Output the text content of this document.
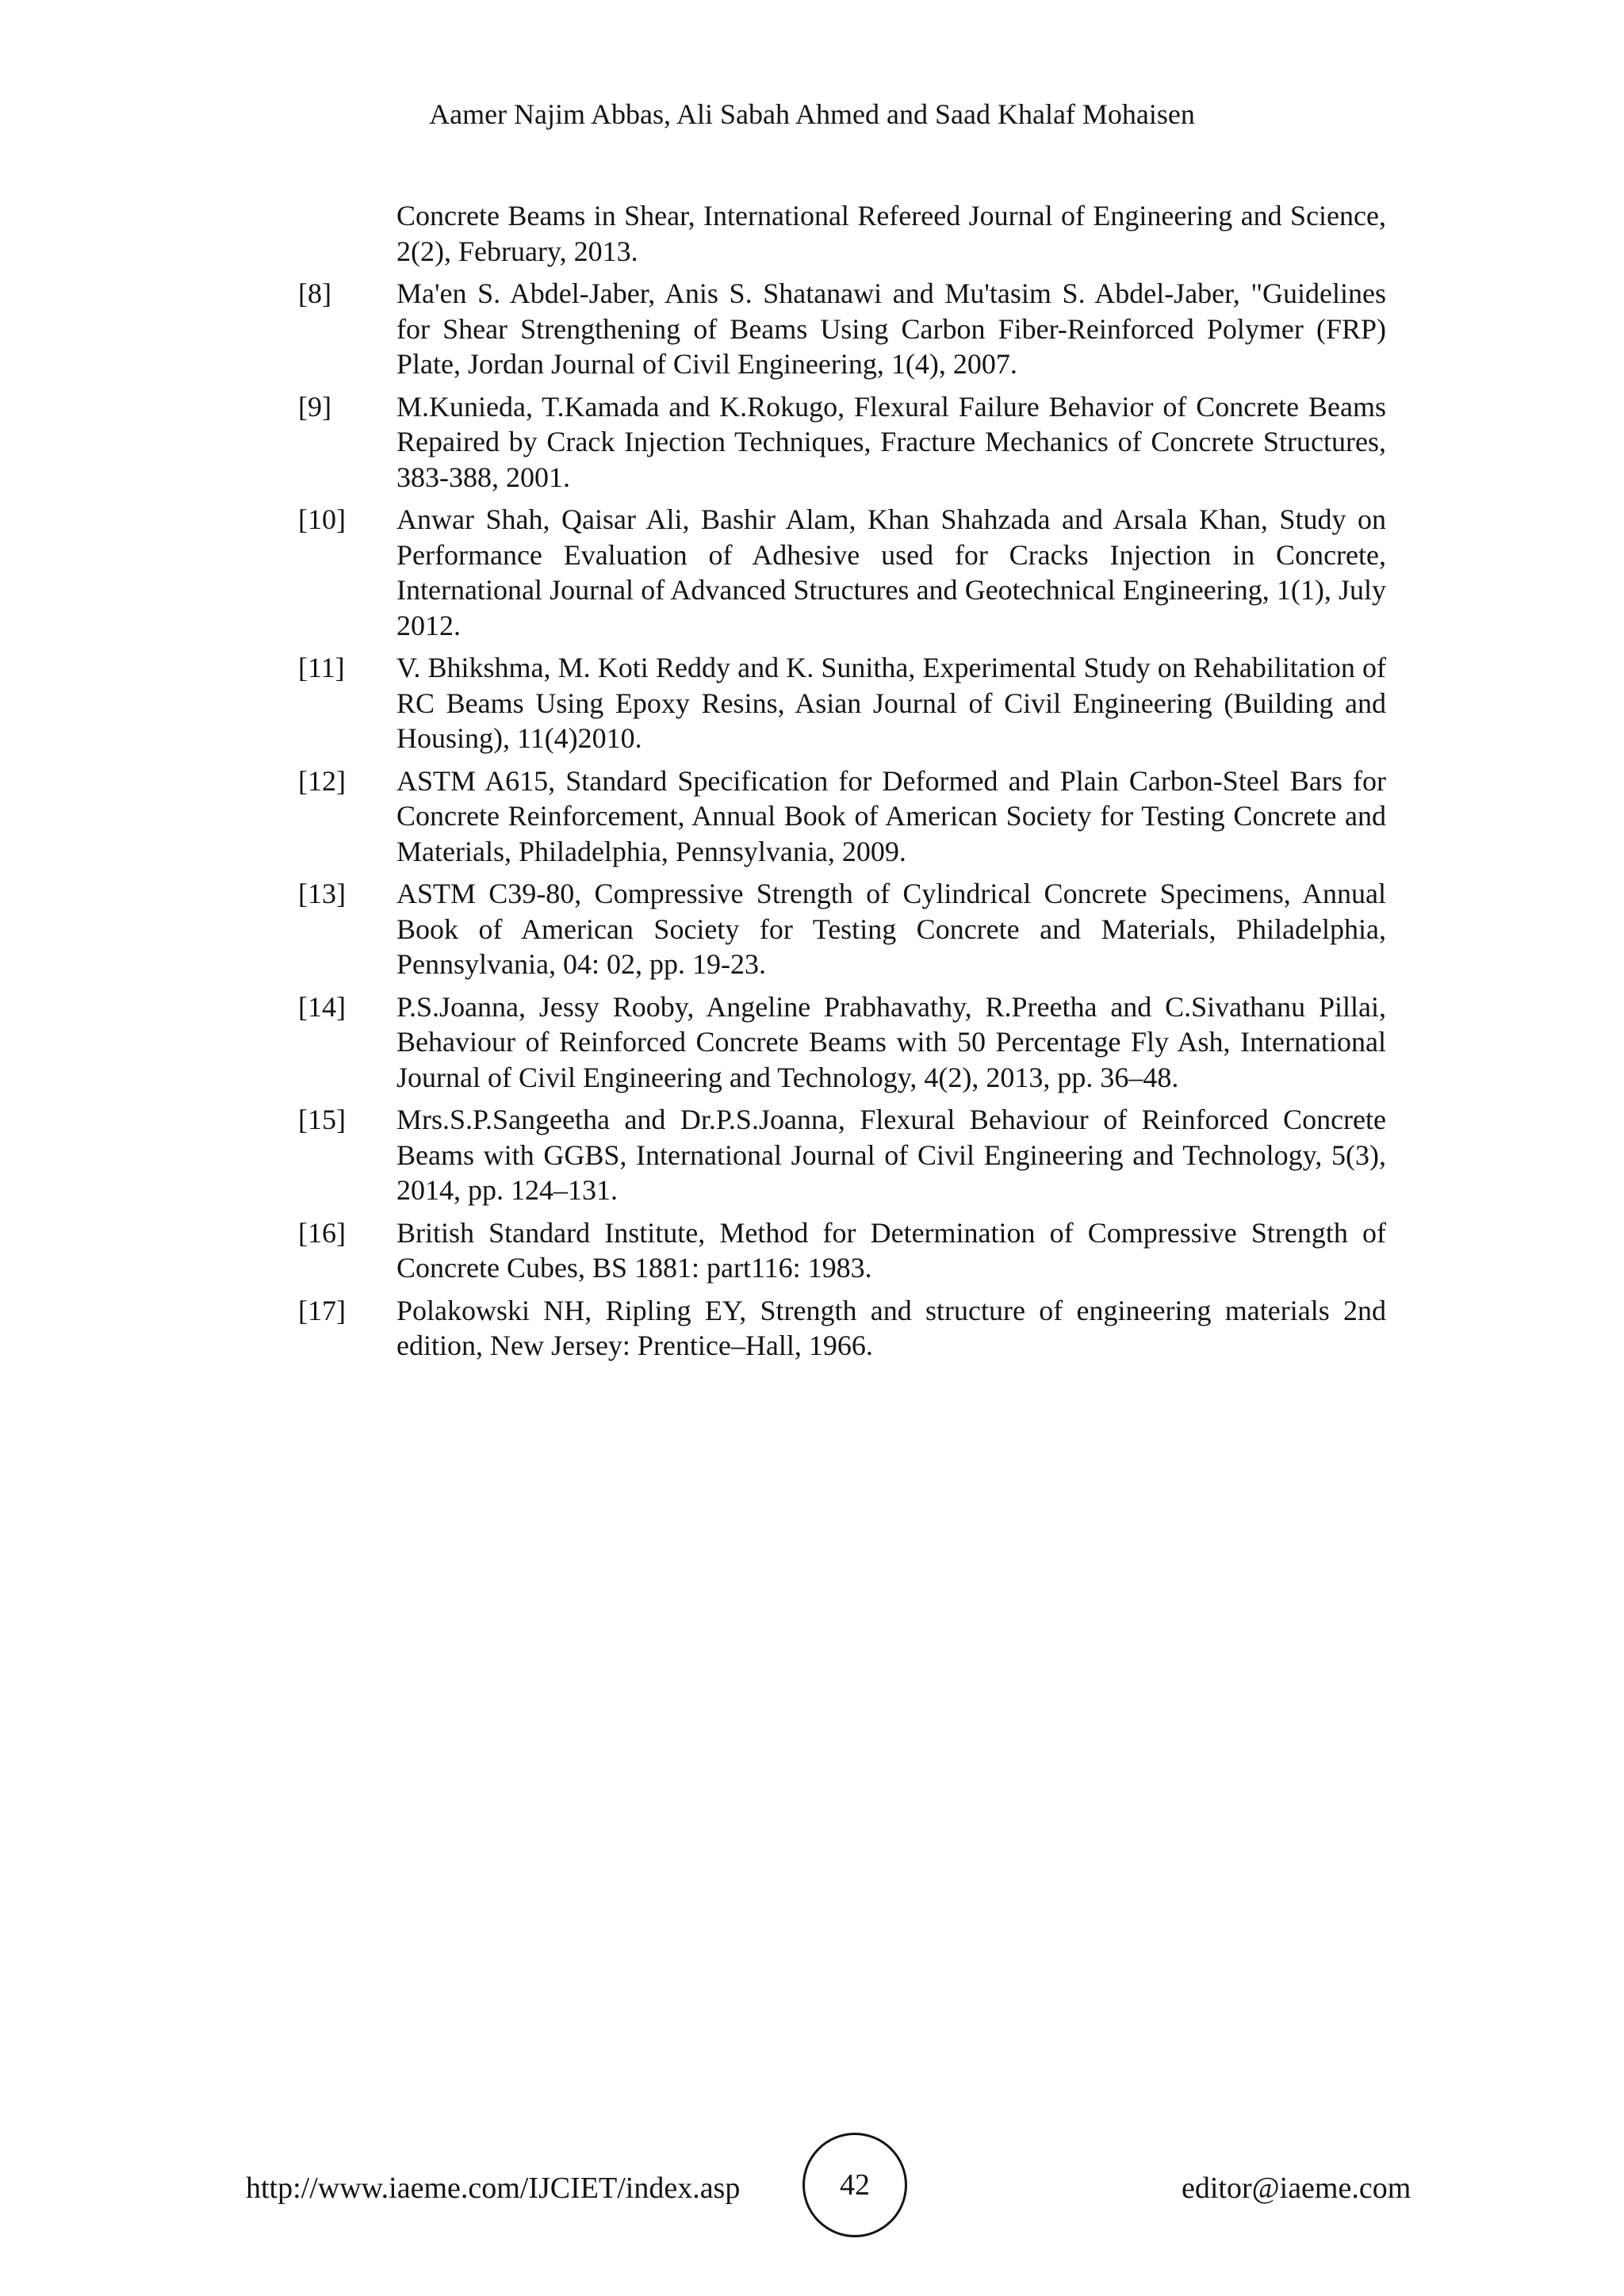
Aamer Najim Abbas, Ali Sabah Ahmed and Saad Khalaf Mohaisen
Concrete Beams in Shear, International Refereed Journal of Engineering and Science, 2(2), February, 2013.
[8] Ma'en S. Abdel-Jaber, Anis S. Shatanawi and Mu'tasim S. Abdel-Jaber, "Guidelines for Shear Strengthening of Beams Using Carbon Fiber-Reinforced Polymer (FRP) Plate, Jordan Journal of Civil Engineering, 1(4), 2007.
[9] M.Kunieda, T.Kamada and K.Rokugo, Flexural Failure Behavior of Concrete Beams Repaired by Crack Injection Techniques, Fracture Mechanics of Concrete Structures, 383-388, 2001.
[10] Anwar Shah, Qaisar Ali, Bashir Alam, Khan Shahzada and Arsala Khan, Study on Performance Evaluation of Adhesive used for Cracks Injection in Concrete, International Journal of Advanced Structures and Geotechnical Engineering, 1(1), July 2012.
[11] V. Bhikshma, M. Koti Reddy and K. Sunitha, Experimental Study on Rehabilitation of RC Beams Using Epoxy Resins, Asian Journal of Civil Engineering (Building and Housing), 11(4)2010.
[12] ASTM A615, Standard Specification for Deformed and Plain Carbon-Steel Bars for Concrete Reinforcement, Annual Book of American Society for Testing Concrete and Materials, Philadelphia, Pennsylvania, 2009.
[13] ASTM C39-80, Compressive Strength of Cylindrical Concrete Specimens, Annual Book of American Society for Testing Concrete and Materials, Philadelphia, Pennsylvania, 04: 02, pp. 19-23.
[14] P.S.Joanna, Jessy Rooby, Angeline Prabhavathy, R.Preetha and C.Sivathanu Pillai, Behaviour of Reinforced Concrete Beams with 50 Percentage Fly Ash, International Journal of Civil Engineering and Technology, 4(2), 2013, pp. 36–48.
[15] Mrs.S.P.Sangeetha and Dr.P.S.Joanna, Flexural Behaviour of Reinforced Concrete Beams with GGBS, International Journal of Civil Engineering and Technology, 5(3), 2014, pp. 124–131.
[16] British Standard Institute, Method for Determination of Compressive Strength of Concrete Cubes, BS 1881: part116: 1983.
[17] Polakowski NH, Ripling EY, Strength and structure of engineering materials 2nd edition, New Jersey: Prentice–Hall, 1966.
http://www.iaeme.com/IJCIET/index.asp	42	editor@iaeme.com
